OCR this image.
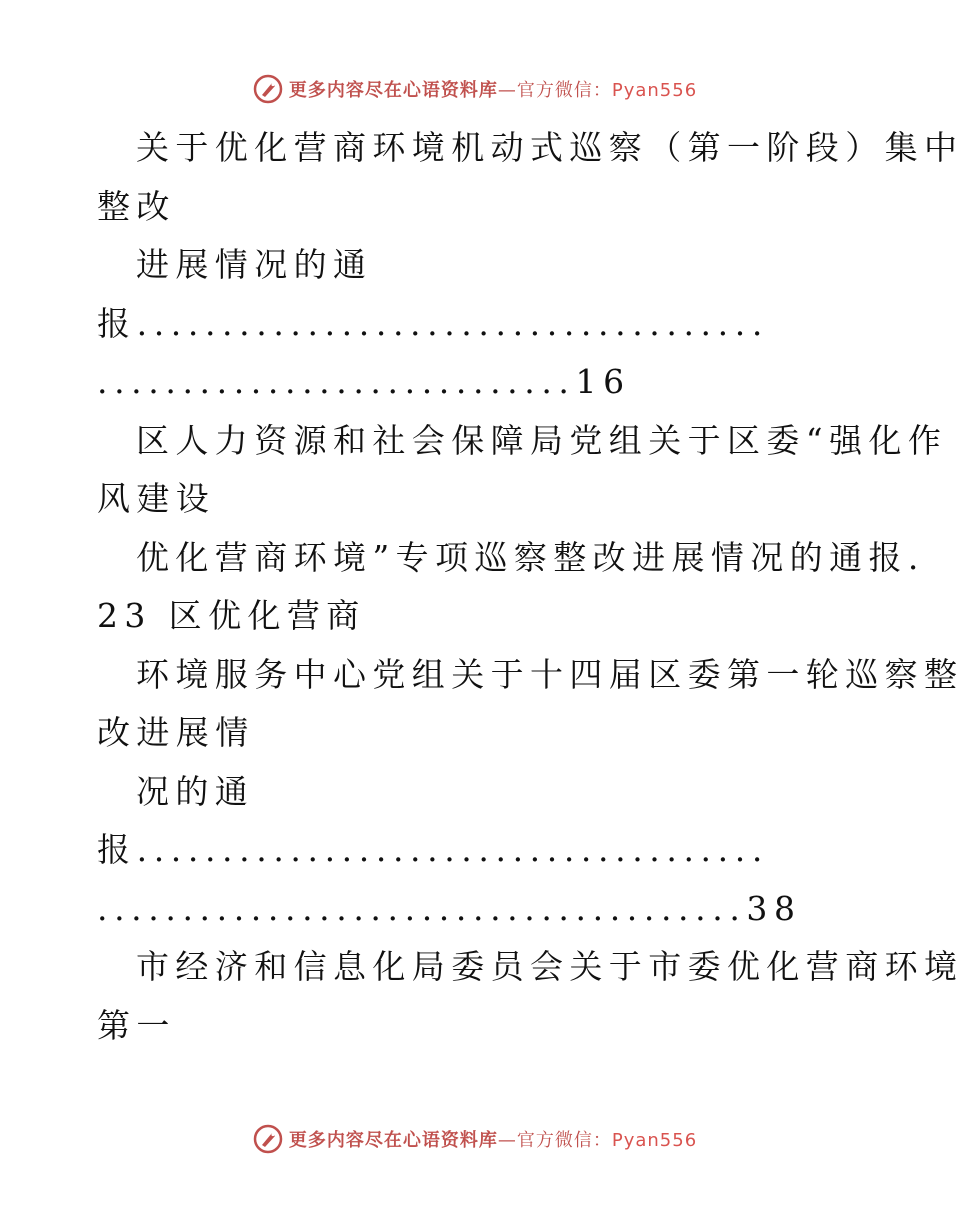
更多内容尽在心语资料库—官方微信：Pyan556
关于优化营商环境机动式巡察（第一阶段）集中
整改
进展情况的通
报.....................................
............................16
区人力资源和社会保障局党组关于区委“强化作
风建设
优化营商环境”专项巡察整改进展情况的通报.
23 区优化营商
环境服务中心党组关于十四届区委第一轮巡察整
改进展情
况的通
报.....................................
......................................38
市经济和信息化局委员会关于市委优化营商环境
第一
更多内容尽在心语资料库—官方微信：Pyan556
